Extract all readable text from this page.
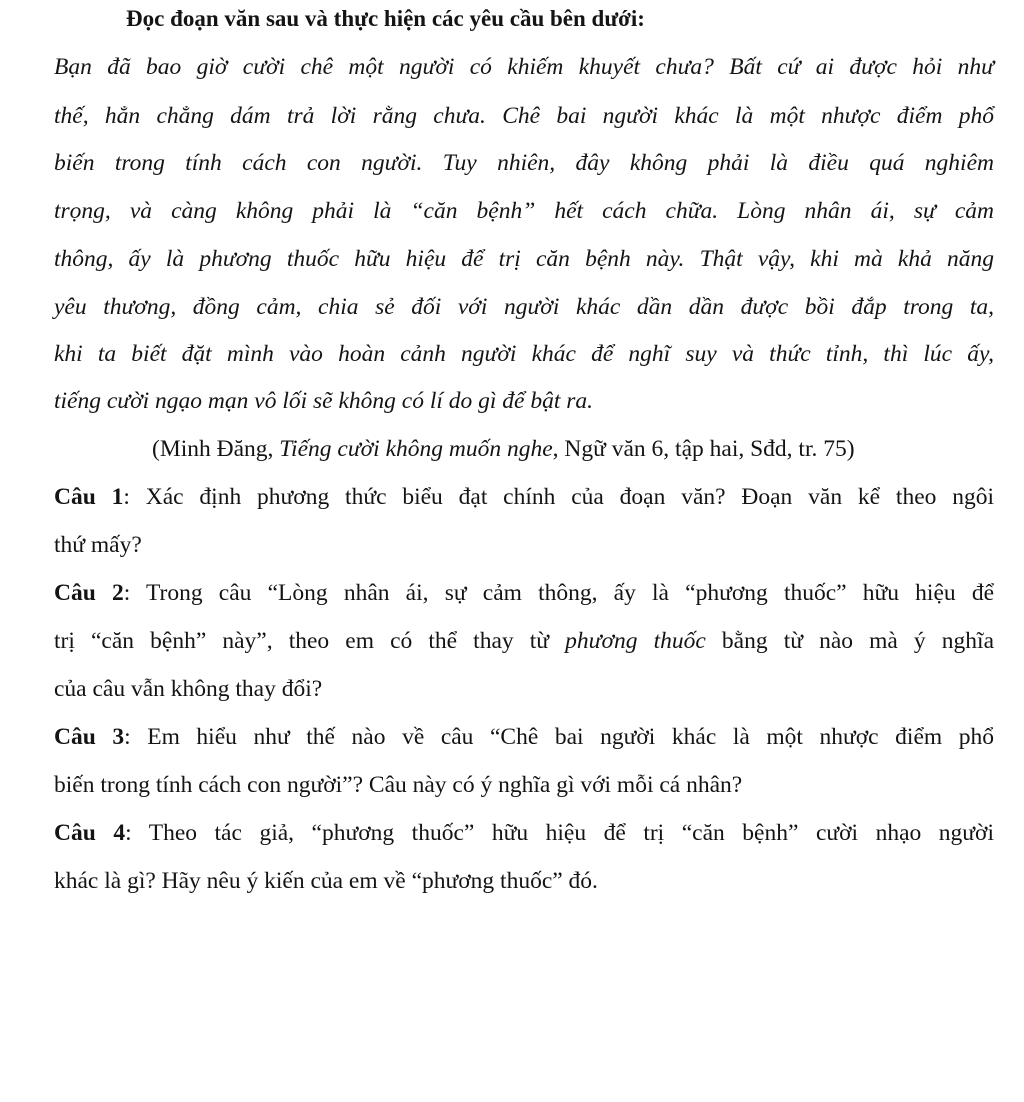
Đọc đoạn văn sau và thực hiện các yêu cầu bên dưới:
Bạn đã bao giờ cười chê một người có khiếm khuyết chưa? Bất cứ ai được hỏi như
thế, hẳn chẳng dám trả lời rằng chưa. Chê bai người khác là một nhược điểm phổ
biến trong tính cách con người. Tuy nhiên, đây không phải là điều quá nghiêm
trọng, và càng không phải là “căn bệnh” hết cách chữa. Lòng nhân ái, sự cảm
thông, ấy là phương thuốc hữu hiệu để trị căn bệnh này. Thật vậy, khi mà khả năng
yêu thương, đồng cảm, chia sẻ đối với người khác dần dần được bồi đắp trong ta,
khi ta biết đặt mình vào hoàn cảnh người khác để nghĩ suy và thức tỉnh, thì lúc ấy,
tiếng cười ngạo mạn vô lối sẽ không có lí do gì để bật ra.
(Minh Đăng, Tiếng cười không muốn nghe, Ngữ văn 6, tập hai, Sđd, tr. 75)
Câu 1: Xác định phương thức biểu đạt chính của đoạn văn? Đoạn văn kể theo ngôi
thứ mấy?
Câu 2: Trong câu “Lòng nhân ái, sự cảm thông, ấy là “phương thuốc” hữu hiệu để
trị “căn bệnh” này”, theo em có thể thay từ phương thuốc bằng từ nào mà ý nghĩa
của câu vẫn không thay đổi?
Câu 3: Em hiểu như thế nào về câu “Chê bai người khác là một nhược điểm phổ
biến trong tính cách con người”? Câu này có ý nghĩa gì với mỗi cá nhân?
Câu 4: Theo tác giả, “phương thuốc” hữu hiệu để trị “căn bệnh” cười nhạo người
khác là gì? Hãy nêu ý kiến của em về “phương thuốc” đó.
